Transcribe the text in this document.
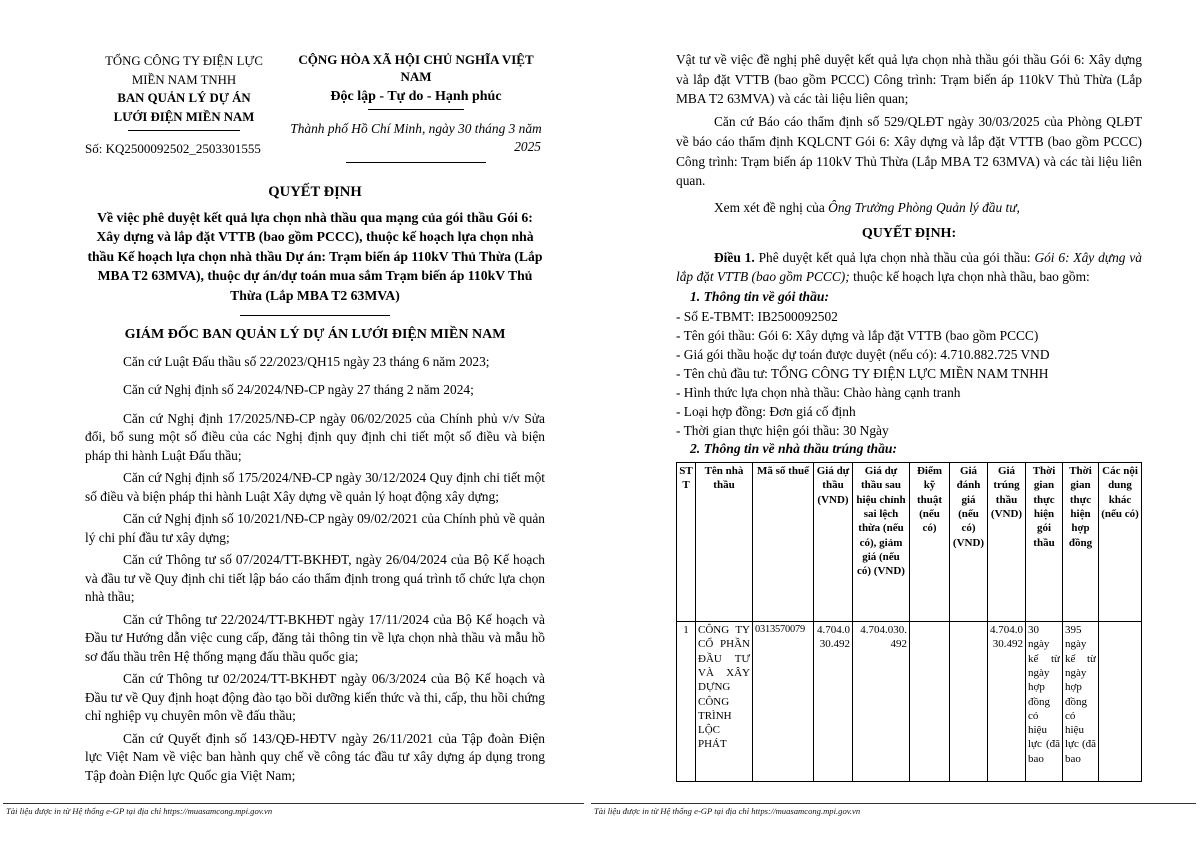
TỔNG CÔNG TY ĐIỆN LỰC
MIỀN NAM TNHH
BAN QUẢN LÝ DỰ ÁN
LƯỚI ĐIỆN MIỀN NAM
Số: KQ2500092502_2503301555
CỘNG HÒA XÃ HỘI CHỦ NGHĨA VIỆT NAM
Độc lập - Tự do - Hạnh phúc
Thành phố Hồ Chí Minh, ngày 30 tháng 3 năm
2025
QUYẾT ĐỊNH
Về việc phê duyệt kết quả lựa chọn nhà thầu qua mạng của gói thầu Gói 6: Xây dựng và lắp đặt VTTB (bao gồm PCCC), thuộc kế hoạch lựa chọn nhà thầu Kế hoạch lựa chọn nhà thầu Dự án: Trạm biến áp 110kV Thủ Thừa (Lắp MBA T2 63MVA), thuộc dự án/dự toán mua sắm Trạm biến áp 110kV Thủ Thừa (Lắp MBA T2 63MVA)
GIÁM ĐỐC BAN QUẢN LÝ DỰ ÁN LƯỚI ĐIỆN MIỀN NAM

Căn cứ Luật Đấu thầu số 22/2023/QH15 ngày 23 tháng 6 năm 2023;

Căn cứ Nghị định số 24/2024/NĐ-CP ngày 27 tháng 2 năm 2024;

Căn cứ Nghị định 17/2025/NĐ-CP ngày 06/02/2025 của Chính phủ v/v Sửa đổi, bổ sung một số điều của các Nghị định quy định chi tiết một số điều và biện pháp thi hành Luật Đấu thầu;

Căn cứ Nghị định số 175/2024/NĐ-CP ngày 30/12/2024 Quy định chi tiết một số điều và biện pháp thi hành Luật Xây dựng về quản lý hoạt động xây dựng;

Căn cứ Nghị định số 10/2021/NĐ-CP ngày 09/02/2021 của Chính phủ về quản lý chi phí đầu tư xây dựng;

Căn cứ Thông tư số 07/2024/TT-BKHĐT, ngày 26/04/2024 của Bộ Kế hoạch và đầu tư về Quy định chi tiết lập báo cáo thẩm định trong quá trình tổ chức lựa chọn nhà thầu;

Căn cứ Thông tư 22/2024/TT-BKHĐT ngày 17/11/2024 của Bộ Kế hoạch và Đầu tư Hướng dẫn việc cung cấp, đăng tải thông tin về lựa chọn nhà thầu và mẫu hồ sơ đấu thầu trên Hệ thống mạng đấu thầu quốc gia;

Căn cứ Thông tư 02/2024/TT-BKHĐT ngày 06/3/2024 của Bộ Kế hoạch và Đầu tư về Quy định hoạt động đào tạo bồi dưỡng kiến thức và thi, cấp, thu hồi chứng chỉ nghiệp vụ chuyên môn về đấu thầu;

Căn cứ Quyết định số 143/QĐ-HĐTV ngày 26/11/2021 của Tập đoàn Điện lực Việt Nam về việc ban hành quy chế về công tác đầu tư xây dựng áp dụng trong Tập đoàn Điện lực Quốc gia Việt Nam;

Tài liệu được in từ Hệ thống e-GP tại địa chỉ https://muasamcong.mpi.gov.vn

Vật tư về việc đề nghị phê duyệt kết quả lựa chọn nhà thầu gói thầu Gói 6: Xây dựng và lắp đặt VTTB (bao gồm PCCC) Công trình: Trạm biến áp 110kV Thủ Thừa (Lắp MBA T2 63MVA) và các tài liệu liên quan;

Căn cứ Báo cáo thẩm định số 529/QLĐT ngày 30/03/2025 của Phòng QLĐT về báo cáo thẩm định KQLCNT Gói 6: Xây dựng và lắp đặt VTTB (bao gồm PCCC) Công trình: Trạm biến áp 110kV Thủ Thừa (Lắp MBA T2 63MVA) và các tài liệu liên quan.

Xem xét đề nghị của Ông Trưởng Phòng Quản lý đầu tư,

QUYẾT ĐỊNH:

Điều 1. Phê duyệt kết quả lựa chọn nhà thầu của gói thầu: Gói 6: Xây dựng và lắp đặt VTTB (bao gồm PCCC); thuộc kế hoạch lựa chọn nhà thầu, bao gồm:

1. Thông tin về gói thầu:
- Số E-TBMT: IB2500092502
- Tên gói thầu: Gói 6: Xây dựng và lắp đặt VTTB (bao gồm PCCC)
- Giá gói thầu hoặc dự toán được duyệt (nếu có): 4.710.882.725 VND
- Tên chủ đầu tư: TỔNG CÔNG TY ĐIỆN LỰC MIỀN NAM TNHH
- Hình thức lựa chọn nhà thầu: Chào hàng cạnh tranh
- Loại hợp đồng: Đơn giá cố định
- Thời gian thực hiện gói thầu: 30 Ngày
2. Thông tin về nhà thầu trúng thầu:
STT	Tên nhà thầu	Mã số thuế	Giá dự thầu (VND)	Giá dự thầu sau hiệu chỉnh sai lệch thừa (nếu có), giảm giá (nếu có) (VND)	Điểm kỹ thuật (nếu có)	Giá đánh giá (nếu có) (VND)	Giá trúng thầu (VND)	Thời gian thực hiện gói thầu	Thời gian thực hiện hợp đồng	Các nội dung khác (nếu có)

1	CÔNG TY CỔ PHẦN ĐẦU TƯ VÀ XÂY DỰNG CÔNG TRÌNH LỘC PHÁT	0313570079	4.704.030.492	4.704.030.492			4.704.030.492	30 ngày kể từ ngày hợp đồng có hiệu lực (đã bao	395 ngày kể từ ngày hợp đồng có hiệu lực (đã bao	

Tài liệu được in từ Hệ thống e-GP tại địa chỉ https://muasamcong.mpi.gov.vn
